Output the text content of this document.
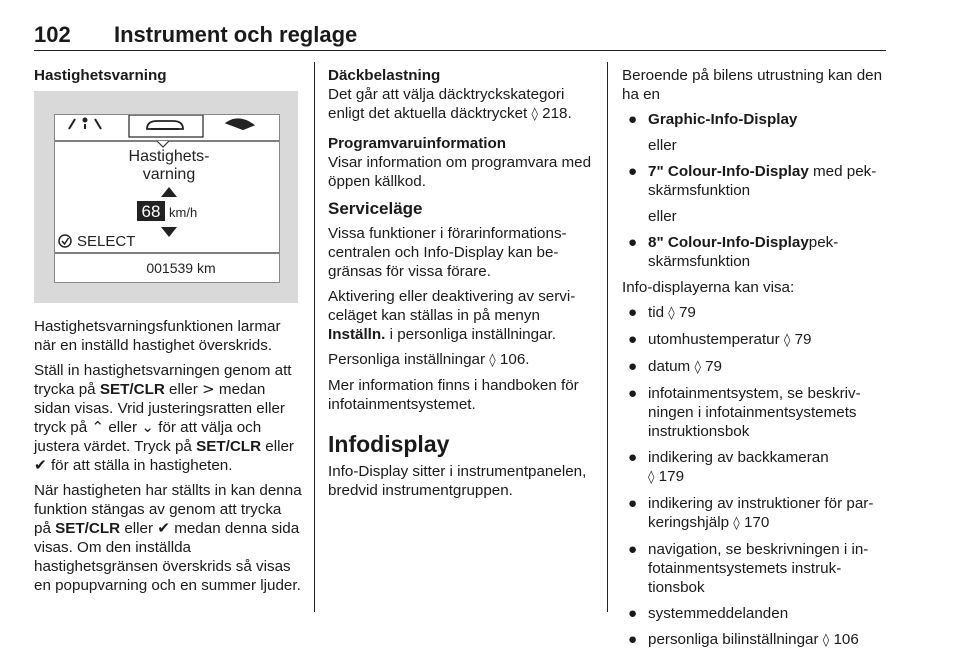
102 Instrument och reglage

Hastighetsvarning

Hastighets-
varning
68 km/h
SELECT
001539 km

Hastighetsvarningsfunktionen larmar när en inställd hastighet överskrids.

Ställ in hastighetsvarningen genom att trycka på SET/CLR eller > medan sidan visas. Vrid justeringsratten eller tryck på ⌃ eller ⌄ för att välja och justera värdet. Tryck på SET/CLR eller ✔ för att ställa in hastigheten.

När hastigheten har ställts in kan denna funktion stängas av genom att trycka på SET/CLR eller ✔ medan denna sida visas. Om den inställda hastighetsgränsen överskrids så visas en popupvarning och en summer ljuder.

Däckbelastning

Det går att välja däcktryckskategori enligt det aktuella däcktrycket ◊ 218.

Programvaruinformation

Visar information om programvara med öppen källkod.

Serviceläge

Vissa funktioner i förarinformationscentralen och Info-Display kan begränsas för vissa förare.

Aktivering eller deaktivering av serviceläget kan ställas in på menyn Inställn. i personliga inställningar.

Personliga inställningar ◊ 106.

Mer information finns i handboken för infotainmentsystemet.

Infodisplay

Info-Display sitter i instrumentpanelen, bredvid instrumentgruppen.

Beroende på bilens utrustning kan den ha en

● Graphic-Info-Display
eller
● 7" Colour-Info-Display med pekskärmsfunktion
eller
● 8" Colour-Info-Displaypekskärmsfunktion

Info-displayerna kan visa:

● tid ◊ 79
● utomhustemperatur ◊ 79
● datum ◊ 79
● infotainmentsystem, se beskrivningen i infotainmentsystemets instruktionsbok
● indikering av backkameran
◊ 179
● indikering av instruktioner för parkeringshjälp ◊ 170
● navigation, se beskrivningen i infotainmentsystemets instruktionsbok
● systemmeddelanden
● personliga bilinställningar ◊ 106
